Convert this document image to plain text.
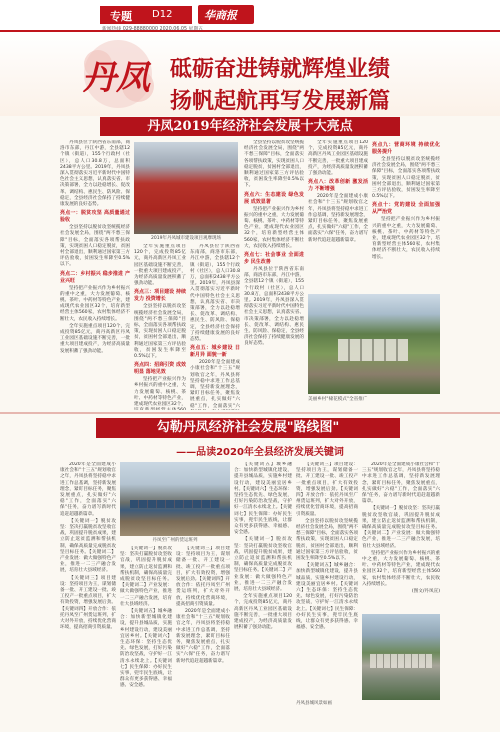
专题 D12	华商报
新闻热线 029-88880000 2020.06.05 星期五
丹凤 砥砺奋进铸就辉煌业绩
扬帆起航再写发展新篇
丹凤2019年经济社会发展十大亮点

丹凤县位于陕西省东南部，商洛市东部，丹江中游，全县辖12个镇（街道），155个行政村（社区），总人口30.8万，总面积2438平方公里。2019年，丹凤县深入贯彻落实习近平新时代中国特色社会主义思想，认真落实省、市决策部署，全力以赴稳增长、促改革、调结构、惠民生、防风险、保稳定，全县经济社会保持了持续健康发展的良好态势。

亮点一：脱贫攻坚 高质量通过验收

全县坚持以脱贫攻坚统揽经济社会发展全局，围绕"两不愁三保障"目标，全面落实各项帮扶政策，实现贫困人口稳定脱贫，贫困村全部退出，顺利通过国家第三方评估验收，贫困发生率降至0.5%以下。

亮点二：乡村振兴 稳步推进 产业兴旺

坚持把产业振兴作为乡村振兴的重中之重，大力发展葡萄、核桃、茶叶、中药材等特色产业，建成现代农业园区32个，培育新型经营主体560家，农村集体经济不断壮大，农民收入持续增长。

全年实施重点项目120个，完成投资85亿元，商丹高新区丹凤工业园区基础设施不断完善，一批重大项目建成投产，为经济高质量发展积蓄了强劲动能。

2019年丹凤城市建设项目观摩现场

全年实施重点项目120个，完成投资85亿元，商丹高新区丹凤工业园区基础设施不断完善，一批重大项目建成投产，为经济高质量发展积蓄了强劲动能。

亮点三：项目建设 持续发力 投资增长

全县坚持以脱贫攻坚统揽经济社会发展全局，围绕"两不愁三保障"目标，全面落实各项帮扶政策，实现贫困人口稳定脱贫，贫困村全部退出，顺利通过国家第三方评估验收，贫困发生率降至0.5%以下。

亮点四：招商引资 成效明显 落地见效

坚持把产业振兴作为乡村振兴的重中之重，大力发展葡萄、核桃、茶叶、中药材等特色产业，建成现代农业园区32个，

丹凤县位于陕西省东南部，商洛市东部，丹江中游，全县辖12个镇（街道），155个行政村（社区），总人口30.8万，总面积2438平方公里。2019年，丹凤县深入贯彻落实习近平新时代中国特色社会主义思想，认真落实省、市决策部署，全力以赴稳增长、促改革、调结构、惠民生、防风险、保稳定，全县经济社会保持了持续健康发展的良好态势。

亮点五：城乡建设 日新月异 面貌一新

2020年是全面建成小康社会和"十三五"规划收官之年，丹凤县将坚持稳中求进工作总基调，坚持新发展理念，紧盯目标任务，聚焦发展重点，扎实做好"六稳"工作，全面落实"六

全县坚持以脱贫攻坚统揽经济社会发展全局，围绕"两不愁三保障"目标，全面落实各项帮扶政策，实现贫困人口稳定脱贫，贫困村全部退出，顺利通过国家第三方评估验收，贫困发生率降至0.5%以下。

亮点六：生态建设 绿色发展 成效显著

坚持把产业振兴作为乡村振兴的重中之重，大力发展葡萄、核桃、茶叶、中药材等特色产业，建成现代农业园区32个，培育新型经营主体560家，农村集体经济不断壮大，农民收入持续增长。

亮点七：社会事业 全面进步 民生改善

丹凤县位于陕西省东南部，商洛市东部，丹江中游，全县辖12个镇（街道），155个行政村（社区），总人口30.8万，总面积2438平方公里。2019年，丹凤县深入贯彻落实习近平新时代中国特色社会主义思想，认真落实省、市决策部署，全力以赴稳增长、促改革、调结构、惠民生、防风险、保稳定，全县经济社会保持了持续健康发展的良好态势。

全年实施重点项目120个，完成投资85亿元，商丹高新区丹凤工业园区基础设施不断完善，一批重大项目建成投产，为经济高质量发展积蓄了强劲动能。

亮点八：改革创新 激发活力 不断增强

2020年是全面建成小康社会和"十三五"规划收官之年，丹凤县将坚持稳中求进工作总基调，坚持新发展理念，紧盯目标任务，聚焦发展重点，扎实做好"六稳"工作，全面落实"六保"任务，奋力谱写新时代追赶超越新篇章。

亮点九：营商环境 持续优化 服务提升

全县坚持以脱贫攻坚统揽经济社会发展全局，围绕"两不愁三保障"目标，全面落实各项帮扶政策，实现贫困人口稳定脱贫，贫困村全部退出，顺利通过国家第三方评估验收，贫困发生率降至0.5%以下。

亮点十：党的建设 全面加强 从严治党

坚持把产业振兴作为乡村振兴的重中之重，大力发展葡萄、核桃、茶叶、中药材等特色产业，建成现代农业园区32个，培育新型经营主体560家，农村集体经济不断壮大，农民收入持续增长。

美丽乡村"棣花模式"全省推广
勾勒丹凤经济社会发展"路线图"
——品读2020年全县经济发展关键词

2020年是全面建成小康社会和"十三五"规划收官之年，丹凤县将坚持稳中求进工作总基调，坚持新发展理念，紧盯目标任务，聚焦发展重点，扎实做好"六稳"工作，全面落实"六保"任务，奋力谱写新时代追赶超越新篇章。

【关键词一】脱贫攻坚：坚决打赢脱贫攻坚收官战，巩固提升脱贫成果，建立防止返贫监测和帮扶机制，确保高质量完成脱贫攻坚目标任务。【关键词二】产业发展：做大做强特色产业，推进一二三产融合发展，培育壮大县域经济。

【关键词三】项目建设：坚持项目为王，谋划储备一批、开工建设一批、竣工投产一批重点项目，扩大有效投资，增强发展后劲。【关键词四】开放合作：依托丹凤至广州货运班列，扩大对外开放，持续优化营商环境，提高招商引资质量。

丹凤至广州的货运班列

【关键词一】脱贫攻坚：坚决打赢脱贫攻坚收官战，巩固提升脱贫成果，建立防止返贫监测和帮扶机制，确保高质量完成脱贫攻坚目标任务。【关键词二】产业发展：做大做强特色产业，推进一二三产融合发展，培育壮大县域经济。

【关键词五】城乡融合：加快新型城镇化建设，提升县城品质，实施乡村建设行动，建设美丽宜居乡村。【关键词六】生态环保：坚持生态优先、绿色发展，打好污染防治攻坚战，守护好一江清水永续北上。【关键词七】民生保障：办好民生实事，兜牢民生底线，让群众有更多获得感、幸福感、安全感。

【关键词三】项目建设：坚持项目为王，谋划储备一批、开工建设一批、竣工投产一批重点项目，扩大有效投资，增强发展后劲。【关键词四】开放合作：依托丹凤至广州货运班列，扩大对外开放，持续优化营商环境，提高招商引资质量。

2020年是全面建成小康社会和"十三五"规划收官之年，丹凤县将坚持稳中求进工作总基调，坚持新发展理念，紧盯目标任务，聚焦发展重点，扎实做好"六稳"工作，全面落实"六保"任务，奋力谱写新时代追赶超越新篇章。

【关键词五】城乡融合：加快新型城镇化建设，提升县城品质，实施乡村建设行动，建设美丽宜居乡村。【关键词六】生态环保：坚持生态优先、绿色发展，打好污染防治攻坚战，守护好一江清水永续北上。【关键词七】民生保障：办好民生实事，兜牢民生底线，让群众有更多获得感、幸福感、安全感。

【关键词一】脱贫攻坚：坚决打赢脱贫攻坚收官战，巩固提升脱贫成果，建立防止返贫监测和帮扶机制，确保高质量完成脱贫攻坚目标任务。【关键词二】产业发展：做大做强特色产业，推进一二三产融合发展，培育壮大县域经济。

全年实施重点项目120个，完成投资85亿元，商丹高新区丹凤工业园区基础设施不断完善，一批重大项目建成投产，为经济高质量发展积蓄了强劲动能。

【关键词三】项目建设：坚持项目为王，谋划储备一批、开工建设一批、竣工投产一批重点项目，扩大有效投资，增强发展后劲。【关键词四】开放合作：依托丹凤至广州货运班列，扩大对外开放，持续优化营商环境，提高招商引资质量。

全县坚持以脱贫攻坚统揽经济社会发展全局，围绕"两不愁三保障"目标，全面落实各项帮扶政策，实现贫困人口稳定脱贫，贫困村全部退出，顺利通过国家第三方评估验收，贫困发生率降至0.5%以下。

【关键词五】城乡融合：加快新型城镇化建设，提升县城品质，实施乡村建设行动，建设美丽宜居乡村。【关键词六】生态环保：坚持生态优先、绿色发展，打好污染防治攻坚战，守护好一江清水永续北上。【关键词七】民生保障：办好民生实事，兜牢民生底线，让群众有更多获得感、幸福感、安全感。

2020年是全面建成小康社会和"十三五"规划收官之年，丹凤县将坚持稳中求进工作总基调，坚持新发展理念，紧盯目标任务，聚焦发展重点，扎实做好"六稳"工作，全面落实"六保"任务，奋力谱写新时代追赶超越新篇章。

【关键词一】脱贫攻坚：坚决打赢脱贫攻坚收官战，巩固提升脱贫成果，建立防止返贫监测和帮扶机制，确保高质量完成脱贫攻坚目标任务。【关键词二】产业发展：做大做强特色产业，推进一二三产融合发展，培育壮大县域经济。

坚持把产业振兴作为乡村振兴的重中之重，大力发展葡萄、核桃、茶叶、中药材等特色产业，建成现代农业园区32个，培育新型经营主体560家，农村集体经济不断壮大，农民收入持续增长。

(图文/丹凤宣)
丹凤县城风景如画
